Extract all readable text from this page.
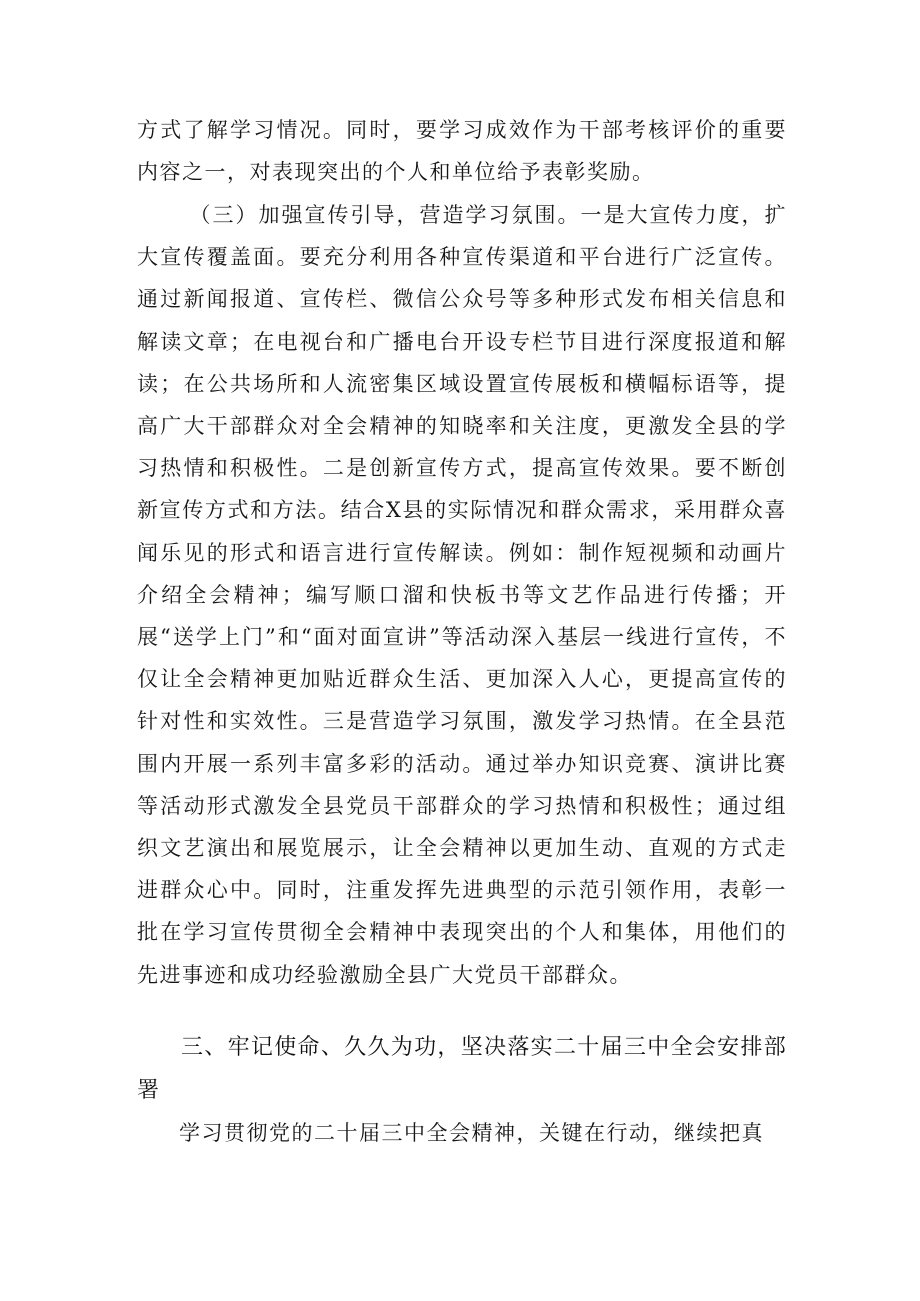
方式了解学习情况。同时，要学习成效作为干部考核评价的重要内容之一，对表现突出的个人和单位给予表彰奖励。

（三）加强宣传引导，营造学习氛围。一是大宣传力度，扩大宣传覆盖面。要充分利用各种宣传渠道和平台进行广泛宣传。通过新闻报道、宣传栏、微信公众号等多种形式发布相关信息和解读文章；在电视台和广播电台开设专栏节目进行深度报道和解读；在公共场所和人流密集区域设置宣传展板和横幅标语等，提高广大干部群众对全会精神的知晓率和关注度，更激发全县的学习热情和积极性。二是创新宣传方式，提高宣传效果。要不断创新宣传方式和方法。结合X县的实际情况和群众需求，采用群众喜闻乐见的形式和语言进行宣传解读。例如：制作短视频和动画片介绍全会精神；编写顺口溜和快板书等文艺作品进行传播；开展“送学上门”和“面对面宣讲”等活动深入基层一线进行宣传，不仅让全会精神更加贴近群众生活、更加深入人心，更提高宣传的针对性和实效性。三是营造学习氛围，激发学习热情。在全县范围内开展一系列丰富多彩的活动。通过举办知识竞赛、演讲比赛等活动形式激发全县党员干部群众的学习热情和积极性；通过组织文艺演出和展览展示，让全会精神以更加生动、直观的方式走进群众心中。同时，注重发挥先进典型的示范引领作用，表彰一批在学习宣传贯彻全会精神中表现突出的个人和集体，用他们的先进事迹和成功经验激励全县广大党员干部群众。

三、牢记使命、久久为功，坚决落实二十届三中全会安排部署

学习贯彻党的二十届三中全会精神，关键在行动，继续把真
